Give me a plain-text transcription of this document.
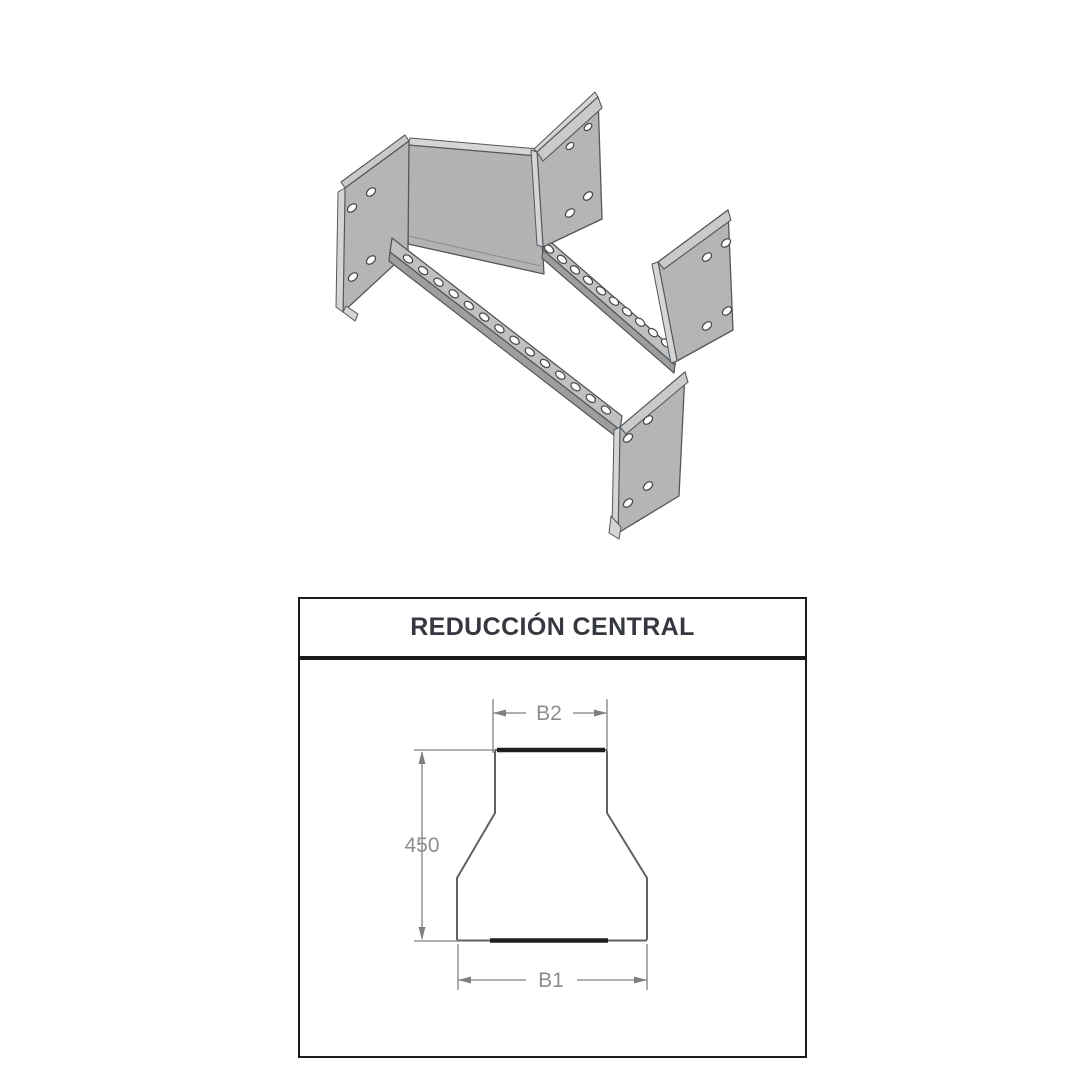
REDUCCIÓN CENTRAL
B2
450
B1
